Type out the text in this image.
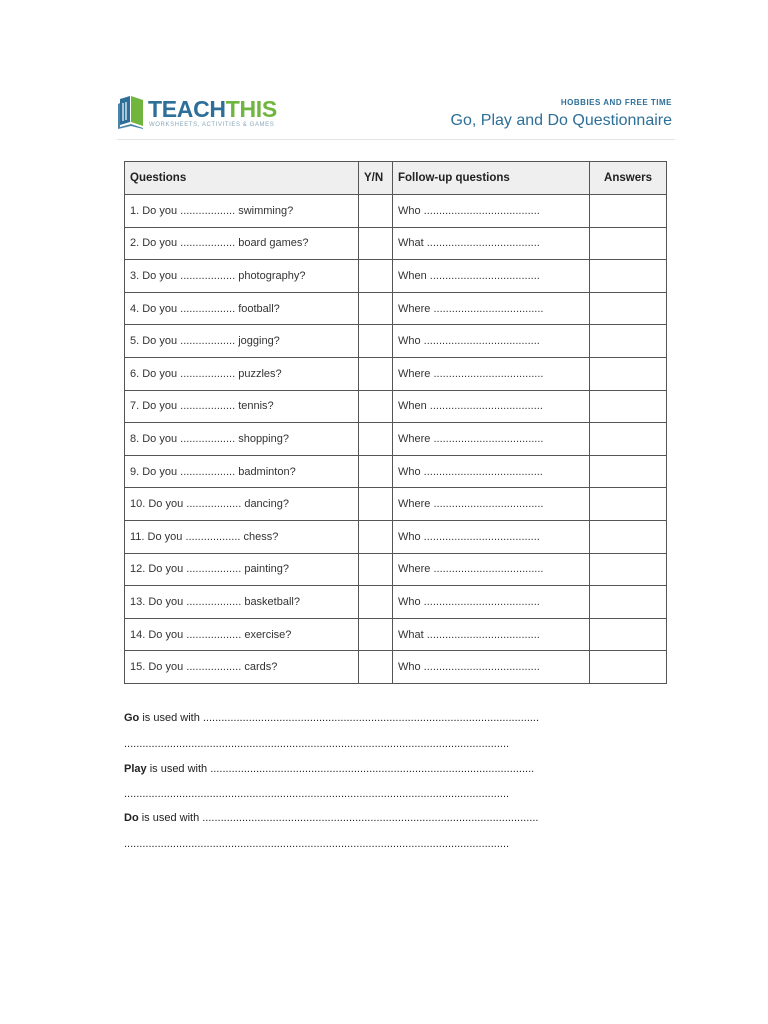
TEACHTHIS
WORKSHEETS, ACTIVITIES & GAMES
HOBBIES AND FREE TIME
Go, Play and Do Questionnaire
Questions	Y/N	Follow-up questions	Answers
1. Do you .................. swimming?		Who ......................................	
2. Do you .................. board games?		What .....................................	
3. Do you .................. photography?		When ....................................	
4. Do you .................. football?		Where ....................................	
5. Do you .................. jogging?		Who ......................................	
6. Do you .................. puzzles?		Where ....................................	
7. Do you .................. tennis?		When .....................................	
8. Do you .................. shopping?		Where ....................................	
9. Do you .................. badminton?		Who .......................................	
10. Do you .................. dancing?		Where ....................................	
11. Do you .................. chess?		Who ......................................	
12. Do you .................. painting?		Where ....................................	
13. Do you .................. basketball?		Who ......................................	
14. Do you .................. exercise?		What .....................................	
15. Do you .................. cards?		Who ......................................	
Go is used with ..............................................................................................................
..............................................................................................................................
Play is used with ..........................................................................................................
..............................................................................................................................
Do is used with ..............................................................................................................
..............................................................................................................................
